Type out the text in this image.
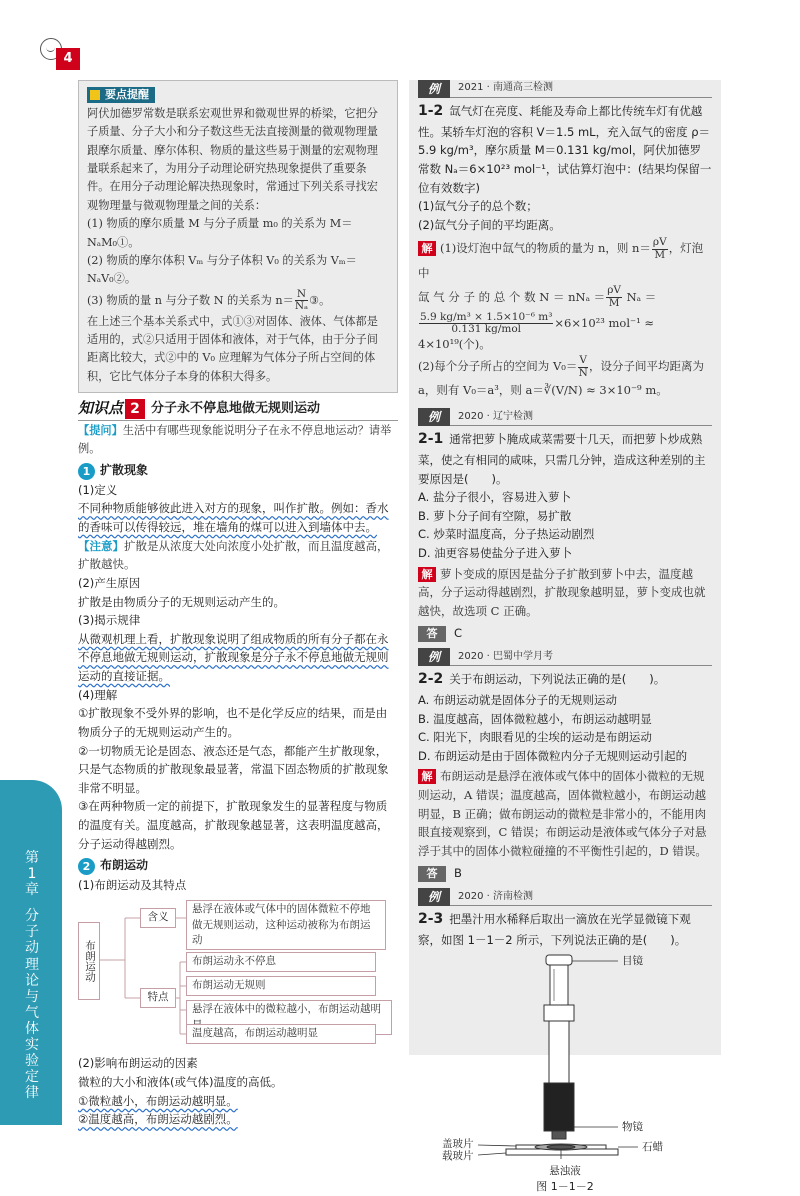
4
第1章
分子动理论与气体实验定律
要点提醒

阿伏加德罗常数是联系宏观世界和微观世界的桥梁，它把分子质量、分子大小和分子数这些无法直接测量的微观物理量跟摩尔质量、摩尔体积、物质的量这些易于测量的宏观物理量联系起来了，为用分子动理论研究热现象提供了重要条件。在用分子动理论解决热现象时，常通过下列关系寻找宏观物理量与微观物理量之间的关系：

(1) 物质的摩尔质量 M 与分子质量 m₀ 的关系为 M＝NₐM₀①。

(2) 物质的摩尔体积 Vₘ 与分子体积 V₀ 的关系为 Vₘ＝NₐV₀②。

(3) 物质的量 n 与分子数 N 的关系为 $n= \frac{N}{\text{Nₐ}}$ ③。

在上述三个基本关系式中，式①③对固体、液体、气体都是适用的，式②只适用于固体和液体，对于气体，由于分子间距离比较大，式②中的 V₀ 应理解为气体分子所占空间的体积，它比气体分子本身的体积大得多。

知识点 2 分子永不停息地做无规则运动
【提问】生活中有哪些现象能说明分子在永不停息地运动？请举例。
1 扩散现象
(1)定义
不同种物质能够彼此进入对方的现象，叫作扩散。例如：香水的香味可以传得较远，堆在墙角的煤可以进入到墙体中去。
【注意】扩散是从浓度大处向浓度小处扩散，而且温度越高，扩散越快。
(2)产生原因
扩散是由物质分子的无规则运动产生的。
(3)揭示规律
从微观机理上看，扩散现象说明了组成物质的所有分子都在永不停息地做无规则运动，扩散现象是分子永不停息地做无规则运动的直接证据。
(4)理解
①扩散现象不受外界的影响，也不是化学反应的结果，而是由物质分子的无规则运动产生的。
②一切物质无论是固态、液态还是气态，都能产生扩散现象，只是气态物质的扩散现象最显著，常温下固态物质的扩散现象非常不明显。
③在两种物质一定的前提下，扩散现象发生的显著程度与物质的温度有关。温度越高，扩散现象越显著，这表明温度越高，分子运动得越剧烈。
2 布朗运动
(1)布朗运动及其特点
布朗运动
含义
悬浮在液体或气体中的固体微粒不停地做无规则运动，这种运动被称为布朗运动
特点
布朗运动永不停息
布朗运动无规则
悬浮在液体中的微粒越小，布朗运动越明
温度越高，布朗运动越明显
(2)影响布朗运动的因素
微粒的大小和液体(或气体)温度的高低。
①微粒越小，布朗运动越明显。
②温度越高，布朗运动越剧烈。
例	2021 · 南通高三检测

1-2 氙气灯在亮度、耗能及寿命上都比传统车灯有优越性。某轿车灯泡的容积 V＝1.5 mL，充入氙气的密度 ρ＝5.9 kg/m³，摩尔质量 M＝0.131 kg/mol，阿伏加德罗常数 Nₐ＝6×10²³ mol⁻¹，试估算灯泡中：(结果均保留一位有效数字)

(1)氙气分子的总个数；
(2)氙气分子间的平均距离。
解 (1)设灯泡中氙气的物质的量为 n，则 $n= \frac{\rho V}{M}$ ，灯泡中
氙 气 分 子 的 总 个 数 $N = nN_a = \frac{\rho V}{M}$ Nₐ ＝
$\frac{\text{5.9 kg/m³ × 1.5×10⁻⁶ m³}}{\text{0.131 kg/mol}} \times 6\times 10^{23}$ mol⁻¹ ≈ 4×10¹⁹(个)。
(2)每个分子所占的空间为 $V_0= \frac{V}{N}$ ，设分子间平均距离为
a，则有 V₀＝a³，则 a＝∛(V/N) ≈ 3×10⁻⁹ m。
例	2020 · 辽宁检测

2-1 通常把萝卜腌成咸菜需要十几天，而把萝卜炒成熟菜，使之有相同的咸味，只需几分钟，造成这种差别的主要原因是(　　)。

A. 盐分子很小，容易进入萝卜
B. 萝卜分子间有空隙，易扩散
C. 炒菜时温度高，分子热运动剧烈
D. 油更容易使盐分子进入萝卜

解 萝卜变成的原因是盐分子扩散到萝卜中去，温度越高，分子运动得越剧烈，扩散现象越明显，萝卜变成也就越快，故选项 C 正确。

答 C

例	2020 · 巴蜀中学月考

2-2 关于布朗运动，下列说法正确的是(　　)。

A. 布朗运动就是固体分子的无规则运动
B. 温度越高，固体微粒越小，布朗运动越明显
C. 阳光下，肉眼看见的尘埃的运动是布朗运动
D. 布朗运动是由于固体微粒内分子无规则运动引起的

解 布朗运动是悬浮在液体或气体中的固体小微粒的无规则运动，A 错误；温度越高，固体微粒越小，布朗运动越明显，B 正确；做布朗运动的微粒是非常小的，不能用肉眼直接观察到，C 错误；布朗运动是液体或气体分子对悬浮于其中的固体小微粒碰撞的不平衡性引起的，D 错误。

答 B

例	2020 · 济南检测

2-3 把墨汁用水稀释后取出一滴放在光学显微镜下观察，如图 1－1－2 所示，下列说法正确的是(　　)。

目镜
物镜
盖玻片
载玻片
石蜡
悬浊液
图 1－1－2
